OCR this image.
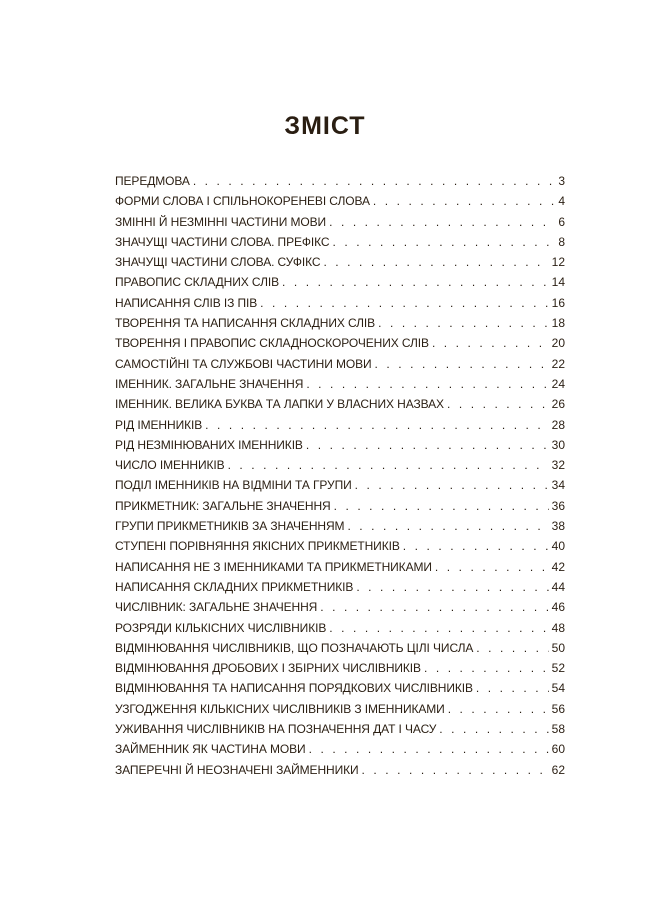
ЗМІСТ
ПЕРЕДМОВА . . .	3
ФОРМИ СЛОВА І СПІЛЬНОКОРЕНЕВІ СЛОВА . . .	4
ЗМІННІ Й НЕЗМІННІ ЧАСТИНИ МОВИ . . .	6
ЗНАЧУЩІ ЧАСТИНИ СЛОВА. ПРЕФІКС . . .	8
ЗНАЧУЩІ ЧАСТИНИ СЛОВА. СУФІКС . . .	12
ПРАВОПИС СКЛАДНИХ СЛІВ . . .	14
НАПИСАННЯ СЛІВ ІЗ ПІВ . . .	16
ТВОРЕННЯ ТА НАПИСАННЯ СКЛАДНИХ СЛІВ . . .	18
ТВОРЕННЯ І ПРАВОПИС СКЛАДНОСКОРОЧЕНИХ СЛІВ . . .	20
САМОСТІЙНІ ТА СЛУЖБОВІ ЧАСТИНИ МОВИ . . .	22
ІМЕННИК. ЗАГАЛЬНЕ ЗНАЧЕННЯ . . .	24
ІМЕННИК. ВЕЛИКА БУКВА ТА ЛАПКИ У ВЛАСНИХ НАЗВАХ . . .	26
РІД ІМЕННИКІВ . . .	28
РІД НЕЗМІНЮВАНИХ ІМЕННИКІВ . . .	30
ЧИСЛО ІМЕННИКІВ . . .	32
ПОДІЛ ІМЕННИКІВ НА ВІДМІНИ ТА ГРУПИ . . .	34
ПРИКМЕТНИК: ЗАГАЛЬНЕ ЗНАЧЕННЯ . . .	36
ГРУПИ ПРИКМЕТНИКІВ ЗА ЗНАЧЕННЯМ . . .	38
СТУПЕНІ ПОРІВНЯННЯ ЯКІСНИХ ПРИКМЕТНИКІВ . . .	40
НАПИСАННЯ НЕ З ІМЕННИКАМИ ТА ПРИКМЕТНИКАМИ . . .	42
НАПИСАННЯ СКЛАДНИХ ПРИКМЕТНИКІВ . . .	44
ЧИСЛІВНИК: ЗАГАЛЬНЕ ЗНАЧЕННЯ . . .	46
РОЗРЯДИ КІЛЬКІСНИХ ЧИСЛІВНИКІВ . . .	48
ВІДМІНЮВАННЯ ЧИСЛІВНИКІВ, ЩО ПОЗНАЧАЮТЬ ЦІЛІ ЧИСЛА . . .	50
ВІДМІНЮВАННЯ ДРОБОВИХ І ЗБІРНИХ ЧИСЛІВНИКІВ . . .	52
ВІДМІНЮВАННЯ ТА НАПИСАННЯ ПОРЯДКОВИХ ЧИСЛІВНИКІВ . . .	54
УЗГОДЖЕННЯ КІЛЬКІСНИХ ЧИСЛІВНИКІВ З ІМЕННИКАМИ . . .	56
УЖИВАННЯ ЧИСЛІВНИКІВ НА ПОЗНАЧЕННЯ ДАТ І ЧАСУ . . .	58
ЗАЙМЕННИК ЯК ЧАСТИНА МОВИ . . .	60
ЗАПЕРЕЧНІ Й НЕОЗНАЧЕНІ ЗАЙМЕННИКИ . . .	62
